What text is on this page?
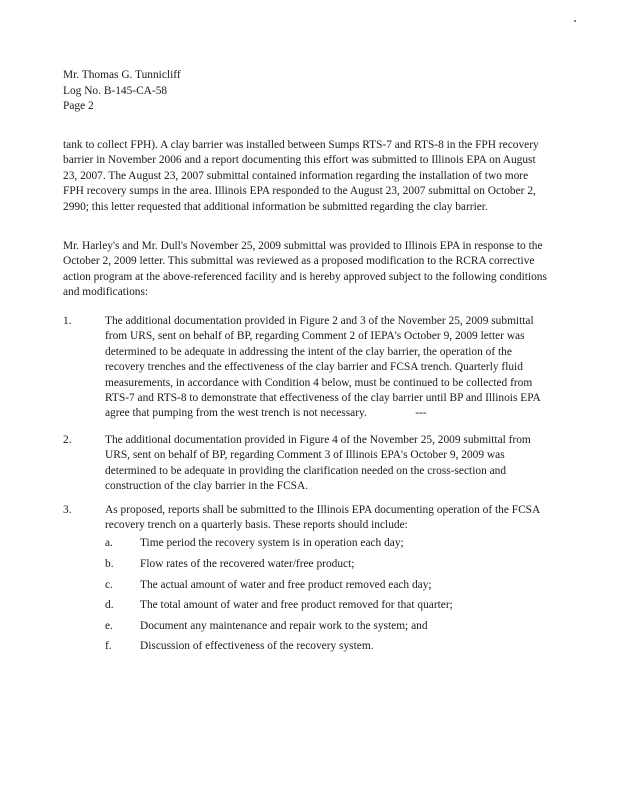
Mr. Thomas G. Tunnicliff
Log No. B-145-CA-58
Page 2
tank to collect FPH). A clay barrier was installed between Sumps RTS-7 and RTS-8 in the FPH recovery barrier in November 2006 and a report documenting this effort was submitted to Illinois EPA on August 23, 2007. The August 23, 2007 submittal contained information regarding the installation of two more FPH recovery sumps in the area. Illinois EPA responded to the August 23, 2007 submittal on October 2, 2990; this letter requested that additional information be submitted regarding the clay barrier.
Mr. Harley's and Mr. Dull's November 25, 2009 submittal was provided to Illinois EPA in response to the October 2, 2009 letter. This submittal was reviewed as a proposed modification to the RCRA corrective action program at the above-referenced facility and is hereby approved subject to the following conditions and modifications:
1.	The additional documentation provided in Figure 2 and 3 of the November 25, 2009 submittal from URS, sent on behalf of BP, regarding Comment 2 of IEPA's October 9, 2009 letter was determined to be adequate in addressing the intent of the clay barrier, the operation of the recovery trenches and the effectiveness of the clay barrier and FCSA trench. Quarterly fluid measurements, in accordance with Condition 4 below, must be continued to be collected from RTS-7 and RTS-8 to demonstrate that effectiveness of the clay barrier until BP and Illinois EPA agree that pumping from the west trench is not necessary.	---
2.	The additional documentation provided in Figure 4 of the November 25, 2009 submittal from URS, sent on behalf of BP, regarding Comment 3 of Illinois EPA's October 9, 2009 was determined to be adequate in providing the clarification needed on the cross-section and construction of the clay barrier in the FCSA.
3.	As proposed, reports shall be submitted to the Illinois EPA documenting operation of the FCSA recovery trench on a quarterly basis. These reports should include:
a.	Time period the recovery system is in operation each day;
b.	Flow rates of the recovered water/free product;
c.	The actual amount of water and free product removed each day;
d.	The total amount of water and free product removed for that quarter;
e.	Document any maintenance and repair work to the system; and
f.	Discussion of effectiveness of the recovery system.
